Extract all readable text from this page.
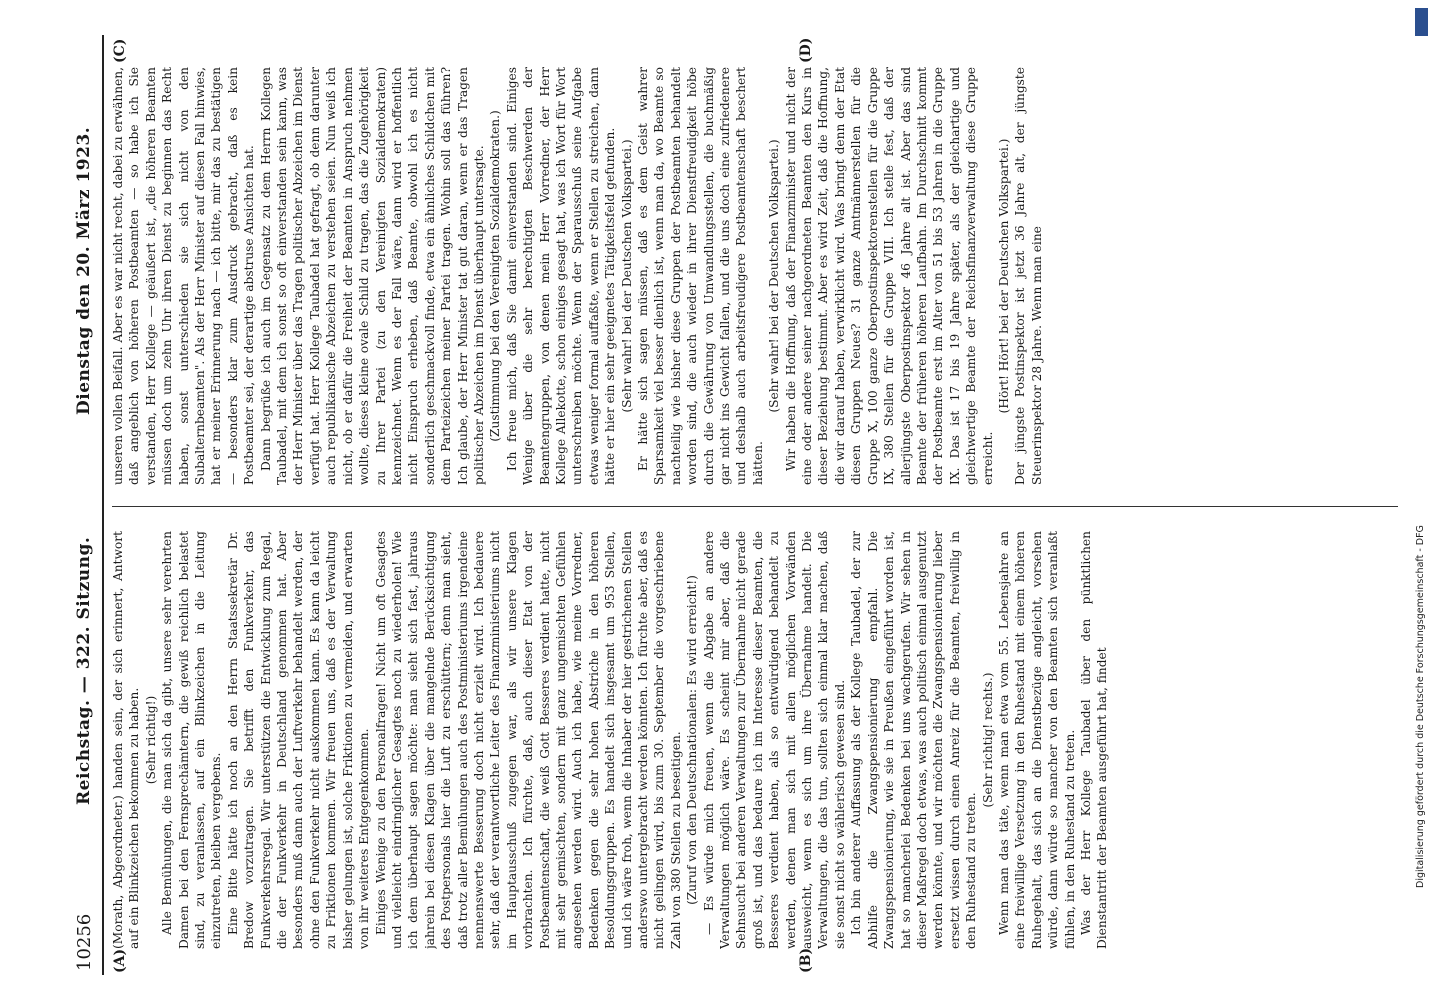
10256
Reichstag. — 322. Sitzung.
Dienstag den 20. März 1923.

(Morath, Abgeordneter.) handen sein, der sich erinnert, Antwort auf ein Blinkzeichen bekommen zu haben. (Sehr richtig!) Alle Bemühungen, die man sich da gibt, unsere sehr verehrten Damen bei den Fernsprechämtern, die gewiß reichlich belastet sind, zu veranlassen, auf ein Blinkzeichen in die Leitung einzutreten, bleiben vergebens. Eine Bitte hätte ich noch an den Herrn Staatssekretär Dr. Bredow vorzutragen. Sie betrifft den Funkverkehr, das Funkverkehrsregal. Wir unterstützen die Entwicklung zum Regal, die der Funkverkehr in Deutschland genommen hat. Aber besonders muß dann auch der Luftverkehr behandelt werden, der ohne den Funkverkehr nicht auskommen kann. Es kann da leicht zu Friktionen kommen. Wir freuen uns, daß es der Verwaltung bisher gelungen ist, solche Friktionen zu vermeiden, und erwarten von ihr weiteres Entgegenkommen. Einiges Wenige zu den Personalfragen! Nicht um oft Gesagtes und vielleicht eindringlicher Gesagtes noch zu wiederholen! Wie ich dem überhaupt sagen möchte: man sieht sich fast, jahraus jahrein bei diesen Klagen über die mangelnde Berücksichtigung des Postpersonals hier die Luft zu erschüttern; denn man sieht, daß trotz aller Bemühungen auch des Postministeriums irgendeine nennenswerte Besserung doch nicht erzielt wird. Ich bedauere sehr, daß der verantwortliche Leiter des Finanzministeriums nicht im Hauptausschuß zugegen war, als wir unsere Klagen vorbrachten. Ich fürchte, daß, auch dieser Etat von der Postbeamtenschaft, die weiß Gott Besseres verdient hatte, nicht mit sehr gemischten, sondern mit ganz ungemischten Gefühlen angesehen werden wird. Auch ich habe, wie meine Vorredner, Bedenken gegen die sehr hohen Abstriche in den höheren Besoldungsgruppen. Es handelt sich insgesamt um 953 Stellen, und ich wäre froh, wenn die Inhaber der hier gestrichenen Stellen anderswo untergebracht werden könnten. Ich fürchte aber, daß es nicht gelingen wird, bis zum 30. September die vorgeschriebene Zahl von 380 Stellen zu beseitigen. (Zuruf von den Deutschnationalen: Es wird erreicht!) — Es würde mich freuen, wenn die Abgabe an andere Verwaltungen möglich wäre. Es scheint mir aber, daß die Sehnsucht bei anderen Verwaltungen zur Übernahme nicht gerade groß ist, und das bedaure ich im Interesse dieser Beamten, die Besseres verdient haben, als so entwürdigend behandelt zu werden, denen man sich mit allen möglichen Vorwänden ausweicht, wenn es sich um ihre Übernahme handelt. Die Verwaltungen, die das tun, sollten sich einmal klar machen, daß sie sonst nicht so wählerisch gewesen sind. Ich bin anderer Auffassung als der Kollege Taubadel, der zur Abhilfe die Zwangspensionierung empfahl. Die Zwangspensionierung, wie sie in Preußen eingeführt worden ist, hat so mancherlei Bedenken bei uns wachgerufen. Wir sehen in dieser Maßregel doch etwas, was auch politisch einmal ausgenutzt werden könnte, und wir möchten die Zwangspensionierung lieber ersetzt wissen durch einen Anreiz für die Beamten, freiwillig in den Ruhestand zu treten.

(Sehr richtig! rechts.) Wenn man das täte, wenn man etwa vom 55. Lebensjahre an eine freiwillige Versetzung in den Ruhestand mit einem höheren Ruhegehalt, das sich an die Dienstbezüge angleicht, vorsehen würde, dann würde so mancher von den Beamten sich veranlaßt fühlen, in den Ruhestand zu treten. Was der Herr Kollege Taubadel über den pünktlichen Dienstantritt der Beamten ausgeführt hat, findet

unseren vollen Beifall. Aber es war nicht recht, dabei zu erwähnen, daß angeblich von höheren Postbeamten — so habe ich Sie verstanden, Herr Kollege — geäußert ist, „die höheren Beamten müssen doch um zehn Uhr ihren Dienst zu beginnen das Recht haben, sonst unterschieden sie sich nicht von den Subalternbeamten". Als der Herr Minister auf diesen Fall hinwies, hat er meiner Erinnerung nach — ich bitte, mir das zu bestätigen — besonders klar zum Ausdruck gebracht, daß es kein Postbeamter sei, der derartige abstruse Ansichten hat. Dann begrüße ich auch im Gegensatz zu dem Herrn Kollegen Taubadel, mit dem ich sonst so oft einverstanden sein kann, was der Herr Minister über das Tragen politischer Abzeichen im Dienst verfügt hat. Herr Kollege Taubadel hat gefragt, ob denn darunter auch republikanische Abzeichen zu verstehen seien. Nun weiß ich nicht, ob er dafür die Freiheit der Beamten in Anspruch nehmen wollte, dieses kleine ovale Schild zu tragen, das die Zugehörigkeit zu Ihrer Partei (zu den Vereinigten Sozialdemokraten) kennzeichnet. Wenn es der Fall wäre, dann wird er hoffentlich nicht Einspruch erheben, daß Beamte, obwohl ich es nicht sonderlich geschmackvoll finde, etwa ein ähnliches Schildchen mit dem Parteizeichen meiner Partei tragen. Wohin soll das führen? Ich glaube, der Herr Minister tat gut daran, wenn er das Tragen politischer Abzeichen im Dienst überhaupt untersagte. (Zustimmung bei den Vereinigten Sozialdemokraten.) Ich freue mich, daß Sie damit einverstanden sind. Einiges Wenige über die sehr berechtigten Beschwerden der Beamtengruppen, von denen mein Herr Vorredner, der Herr Kollege Allekotte, schon einiges gesagt hat, was ich Wort für Wort unterschreiben möchte. Wenn der Sparausschuß seine Aufgabe etwas weniger formal auffaßte, wenn er Stellen zu streichen, dann hätte er hier ein sehr geeignetes Tätigkeitsfeld gefunden. (Sehr wahr! bei der Deutschen Volkspartei.) Er hätte sich sagen müssen, daß es dem Geist wahrer Sparsamkeit viel besser dienlich ist, wenn man da, wo Beamte so nachteilig wie bisher diese Gruppen der Postbeamten behandelt worden sind, die auch wieder in ihrer Dienstfreudigkeit höbe durch die Gewährung von Umwandlungsstellen, die buchmäßig gar nicht ins Gewicht fallen, und die uns doch eine zufriedenere und deshalb auch arbeitsfreudigere Postbeamtenschaft beschert hätten.

(Sehr wahr! bei der Deutschen Volkspartei.) Wir haben die Hoffnung, daß der Finanzminister und nicht der eine oder andere seiner nachgeordneten Beamten den Kurs in dieser Beziehung bestimmt. Aber es wird Zeit, daß die Hoffnung, die wir darauf haben, verwirklicht wird. Was bringt denn der Etat diesen Gruppen Neues? 31 ganze Amtmännerstellen für die Gruppe X, 100 ganze Oberpostinspektorenstellen für die Gruppe IX, 380 Stellen für die Gruppe VIII. Ich stelle fest, daß der allerjüngste Oberpostinspektor 46 Jahre alt ist. Aber das sind Beamte der früheren höheren Laufbahn. Im Durchschnitt kommt der Postbeamte erst im Alter von 51 bis 53 Jahren in die Gruppe IX. Das ist 17 bis 19 Jahre später, als der gleichartige und gleichwertige Beamte der Reichsfinanzverwaltung diese Gruppe erreicht.

(Hört! Hört! bei der Deutschen Volkspartei.) Der jüngste Postinspektor ist jetzt 36 Jahre alt, der jüngste Steuerinspektor 28 Jahre. Wenn man eine

(A)	(B)
(C)	(D)
Digitalisierung gefördert durch die Deutsche Forschungsgemeinschaft - DFG
